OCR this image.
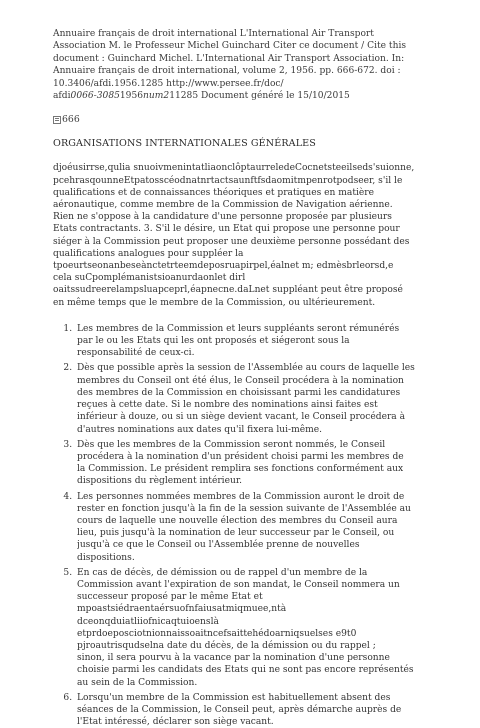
Annuaire français de droit international L'International Air Transport
Association M. le Professeur Michel Guinchard Citer ce document / Cite this
document : Guinchard Michel. L'International Air Transport Association. In:
Annuaire français de droit international, volume 2, 1956. pp. 666-672. doi :
10.3406/afdi.1956.1285 http://www.persee.fr/doc/
afdi0066-30851956num211285 Document généré le 15/10/2015
666
ORGANISATIONS INTERNATIONALES GÉNÉRALES
djoéusirrse,qulia snuoivmenintatliaonclôptaurreledeCocnetsteeilseds'suionne,
pcehrasqounneEtpatosscéodnatnrtactsaunftfsdaomitmpenrotpodseer, s'il le
qualifications et de connaissances théoriques et pratiques en matière
aéronautique, comme membre de la Commission de Navigation aérienne.
Rien ne s'oppose à la candidature d'une personne proposée par plusieurs
Etats contractants. 3. S'il le désire, un Etat qui propose une personne pour
siéger à la Commission peut proposer une deuxième personne possédant des
qualifications analogues pour suppléer la
tpoeurtseonanbeseànctetrteemdeposruapirpel,éalnet m; edmèsbrleorsd,e
cela suCpomplémanistsioanurdaonlet dirl
oaitssudreerelampsluapceprl,éapnecne.daLnet suppléant peut être proposé
en même temps que le membre de la Commission, ou ultérieurement.
1. Les membres de la Commission et leurs suppléants seront rémunérés
par le ou les Etats qui les ont proposés et siégeront sous la
responsabilité de ceux-ci.
2. Dès que possible après la session de l'Assemblée au cours de laquelle les
membres du Conseil ont été élus, le Conseil procédera à la nomination
des membres de la Commission en choisissant parmi les candidatures
reçues à cette date. Si le nombre des nominations ainsi faites est
inférieur à douze, ou si un siège devient vacant, le Conseil procédera à
d'autres nominations aux dates qu'il fixera lui-même.
3. Dès que les membres de la Commission seront nommés, le Conseil
procédera à la nomination d'un président choisi parmi les membres de
la Commission. Le président remplira ses fonctions conformément aux
dispositions du règlement intérieur.
4. Les personnes nommées membres de la Commission auront le droit de
rester en fonction jusqu'à la fin de la session suivante de l'Assemblée au
cours de laquelle une nouvelle élection des membres du Conseil aura
lieu, puis jusqu'à la nomination de leur successeur par le Conseil, ou
jusqu'à ce que le Conseil ou l'Assemblée prenne de nouvelles
dispositions.
5. En cas de décès, de démission ou de rappel d'un membre de la
Commission avant l'expiration de son mandat, le Conseil nommera un
successeur proposé par le même Etat et
mpoastsiédraentaérsuofnfaiusatmiqmuee,ntà
dceonqduiatliiofnicaqtuioenslà
etprdoeposciotnionnaissoaitncefsaittehédoarniqsuelses e9t0
pjroautrisqudselna date du décès, de la démission ou du rappel ;
sinon, il sera pourvu à la vacance par la nomination d'une personne
choisie parmi les candidats des Etats qui ne sont pas encore représentés
au sein de la Commission.
6. Lorsqu'un membre de la Commission est habituellement absent des
séances de la Commission, le Conseil peut, après démarche auprès de
l'Etat intéressé, déclarer son siège vacant.
